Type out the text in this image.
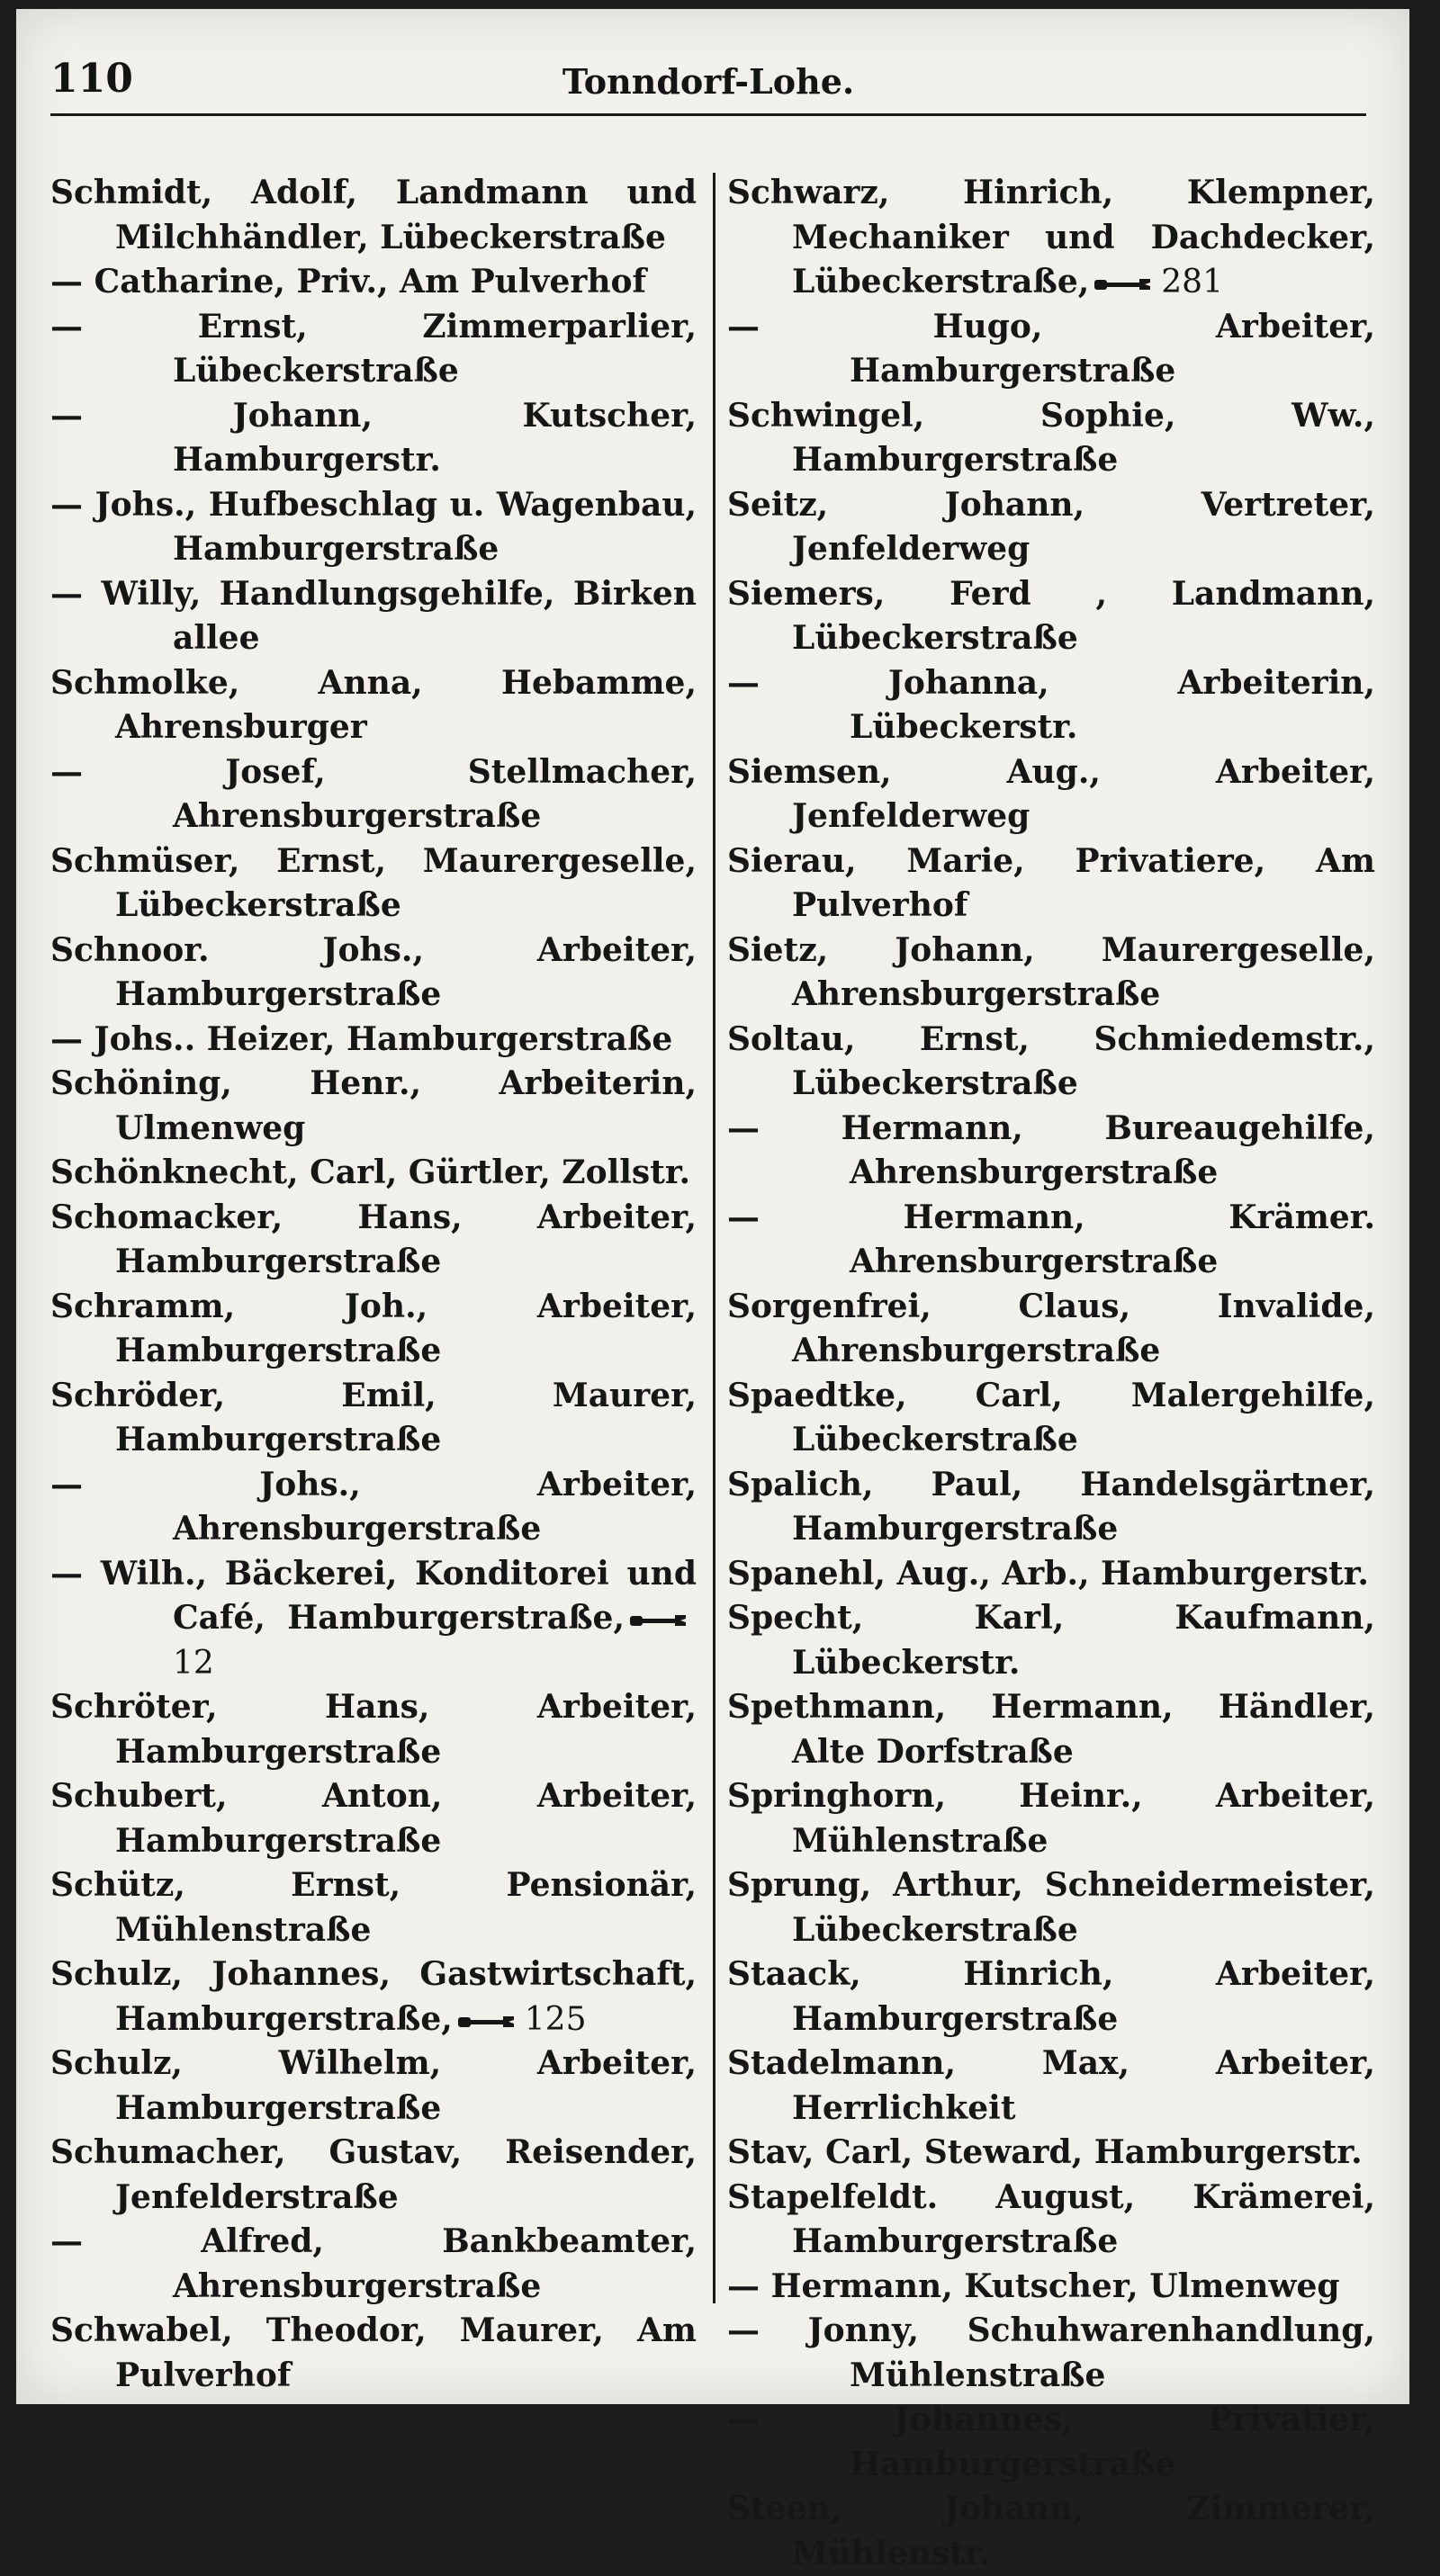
110	Tonndorf-Lohe.

Schmidt, Adolf, Landmann und Milchhändler, Lübeckerstraße

— Catharine, Priv., Am Pulverhof

— Ernst, Zimmerparlier, Lübeckerstraße

— Johann, Kutscher, Hamburgerstr.

— Johs., Hufbeschlag u. Wagenbau, Hamburgerstraße

— Willy, Handlungsgehilfe, Birken allee

Schmolke, Anna, Hebamme, Ahrensburger

— Josef, Stellmacher, Ahrensburgerstraße

Schmüser, Ernst, Maurergeselle, Lübeckerstraße

Schnoor. Johs., Arbeiter, Hamburgerstraße

— Johs.. Heizer, Hamburgerstraße

Schöning, Henr., Arbeiterin, Ulmenweg

Schönknecht, Carl, Gürtler, Zollstr.

Schomacker, Hans, Arbeiter, Hamburgerstraße

Schramm, Joh., Arbeiter, Hamburgerstraße

Schröder, Emil, Maurer, Hamburgerstraße

— Johs., Arbeiter, Ahrensburgerstraße

— Wilh., Bäckerei, Konditorei und Café, Hamburgerstraße,12

Schröter, Hans, Arbeiter, Hamburgerstraße

Schubert, Anton, Arbeiter, Hamburgerstraße

Schütz, Ernst, Pensionär, Mühlenstraße

Schulz, Johannes, Gastwirtschaft, Hamburgerstraße, 125

Schulz, Wilhelm, Arbeiter, Hamburgerstraße

Schumacher, Gustav, Reisender, Jenfelderstraße

— Alfred, Bankbeamter, Ahrensburgerstraße

Schwabel, Theodor, Maurer, Am Pulverhof

Schwarz, Hinrich, Klempner, Mechaniker und Dachdecker, Lübeckerstraße, 281

— Hugo, Arbeiter, Hamburgerstraße

Schwingel, Sophie, Ww., Hamburgerstraße

Seitz, Johann, Vertreter, Jenfelderweg

Siemers, Ferd , Landmann, Lübeckerstraße

— Johanna, Arbeiterin, Lübeckerstr.

Siemsen, Aug., Arbeiter, Jenfelderweg

Sierau, Marie, Privatiere, Am Pulverhof

Sietz, Johann, Maurergeselle, Ahrensburgerstraße

Soltau, Ernst, Schmiedemstr., Lübeckerstraße

— Hermann, Bureaugehilfe, Ahrensburgerstraße

— Hermann, Krämer. Ahrensburgerstraße

Sorgenfrei, Claus, Invalide, Ahrensburgerstraße

Spaedtke, Carl, Malergehilfe, Lübeckerstraße

Spalich, Paul, Handelsgärtner, Hamburgerstraße

Spanehl, Aug., Arb., Hamburgerstr.

Specht, Karl, Kaufmann, Lübeckerstr.

Spethmann, Hermann, Händler, Alte Dorfstraße

Springhorn, Heinr., Arbeiter, Mühlenstraße

Sprung, Arthur, Schneidermeister, Lübeckerstraße

Staack, Hinrich, Arbeiter, Hamburgerstraße

Stadelmann, Max, Arbeiter, Herrlichkeit

Stav, Carl, Steward, Hamburgerstr.

Stapelfeldt. August, Krämerei, Hamburgerstraße

— Hermann, Kutscher, Ulmenweg

— Jonny, Schuhwarenhandlung, Mühlenstraße

— Johannes, Privatier, Hamburgerstraße

Steen, Johann, Zimmerer, Mühlenstr.
